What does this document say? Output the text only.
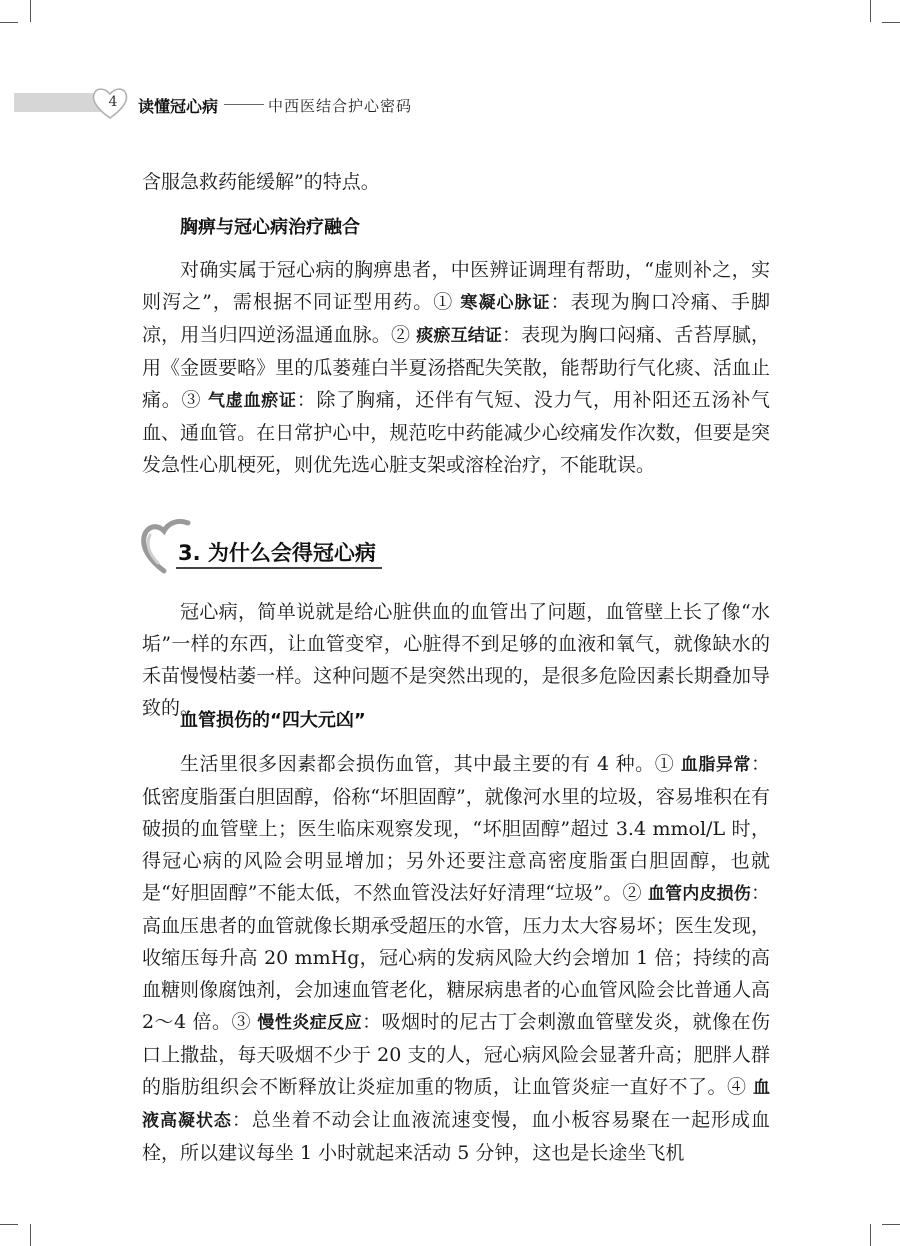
4 读懂冠心病	中西医结合护心密码
含服急救药能缓解”的特点。
胸痹与冠心病治疗融合
对确实属于冠心病的胸痹患者，中医辨证调理有帮助，“虚则补之，实则泻之”，需根据不同证型用药。① 寒凝心脉证：表现为胸口冷痛、手脚凉，用当归四逆汤温通血脉。② 痰瘀互结证：表现为胸口闷痛、舌苔厚腻，用《金匮要略》里的瓜蒌薤白半夏汤搭配失笑散，能帮助行气化痰、活血止痛。③ 气虚血瘀证：除了胸痛，还伴有气短、没力气，用补阳还五汤补气血、通血管。在日常护心中，规范吃中药能减少心绞痛发作次数，但要是突发急性心肌梗死，则优先选心脏支架或溶栓治疗，不能耽误。
3. 为什么会得冠心病
冠心病，简单说就是给心脏供血的血管出了问题，血管壁上长了像“水垢”一样的东西，让血管变窄，心脏得不到足够的血液和氧气，就像缺水的禾苗慢慢枯萎一样。这种问题不是突然出现的，是很多危险因素长期叠加导致的。
血管损伤的“四大元凶”
生活里很多因素都会损伤血管，其中最主要的有 4 种。① 血脂异常：低密度脂蛋白胆固醇，俗称“坏胆固醇”，就像河水里的垃圾，容易堆积在有破损的血管壁上；医生临床观察发现，“坏胆固醇”超过 3.4 mmol/L 时，得冠心病的风险会明显增加；另外还要注意高密度脂蛋白胆固醇，也就是“好胆固醇”不能太低，不然血管没法好好清理“垃圾”。② 血管内皮损伤：高血压患者的血管就像长期承受超压的水管，压力太大容易坏；医生发现，收缩压每升高 20 mmHg，冠心病的发病风险大约会增加 1 倍；持续的高血糖则像腐蚀剂，会加速血管老化，糖尿病患者的心血管风险会比普通人高 2～4 倍。③ 慢性炎症反应：吸烟时的尼古丁会刺激血管壁发炎，就像在伤口上撒盐，每天吸烟不少于 20 支的人，冠心病风险会显著升高；肥胖人群的脂肪组织会不断释放让炎症加重的物质，让血管炎症一直好不了。④ 血液高凝状态：总坐着不动会让血液流速变慢，血小板容易聚在一起形成血栓，所以建议每坐 1 小时就起来活动 5 分钟，这也是长途坐飞机
